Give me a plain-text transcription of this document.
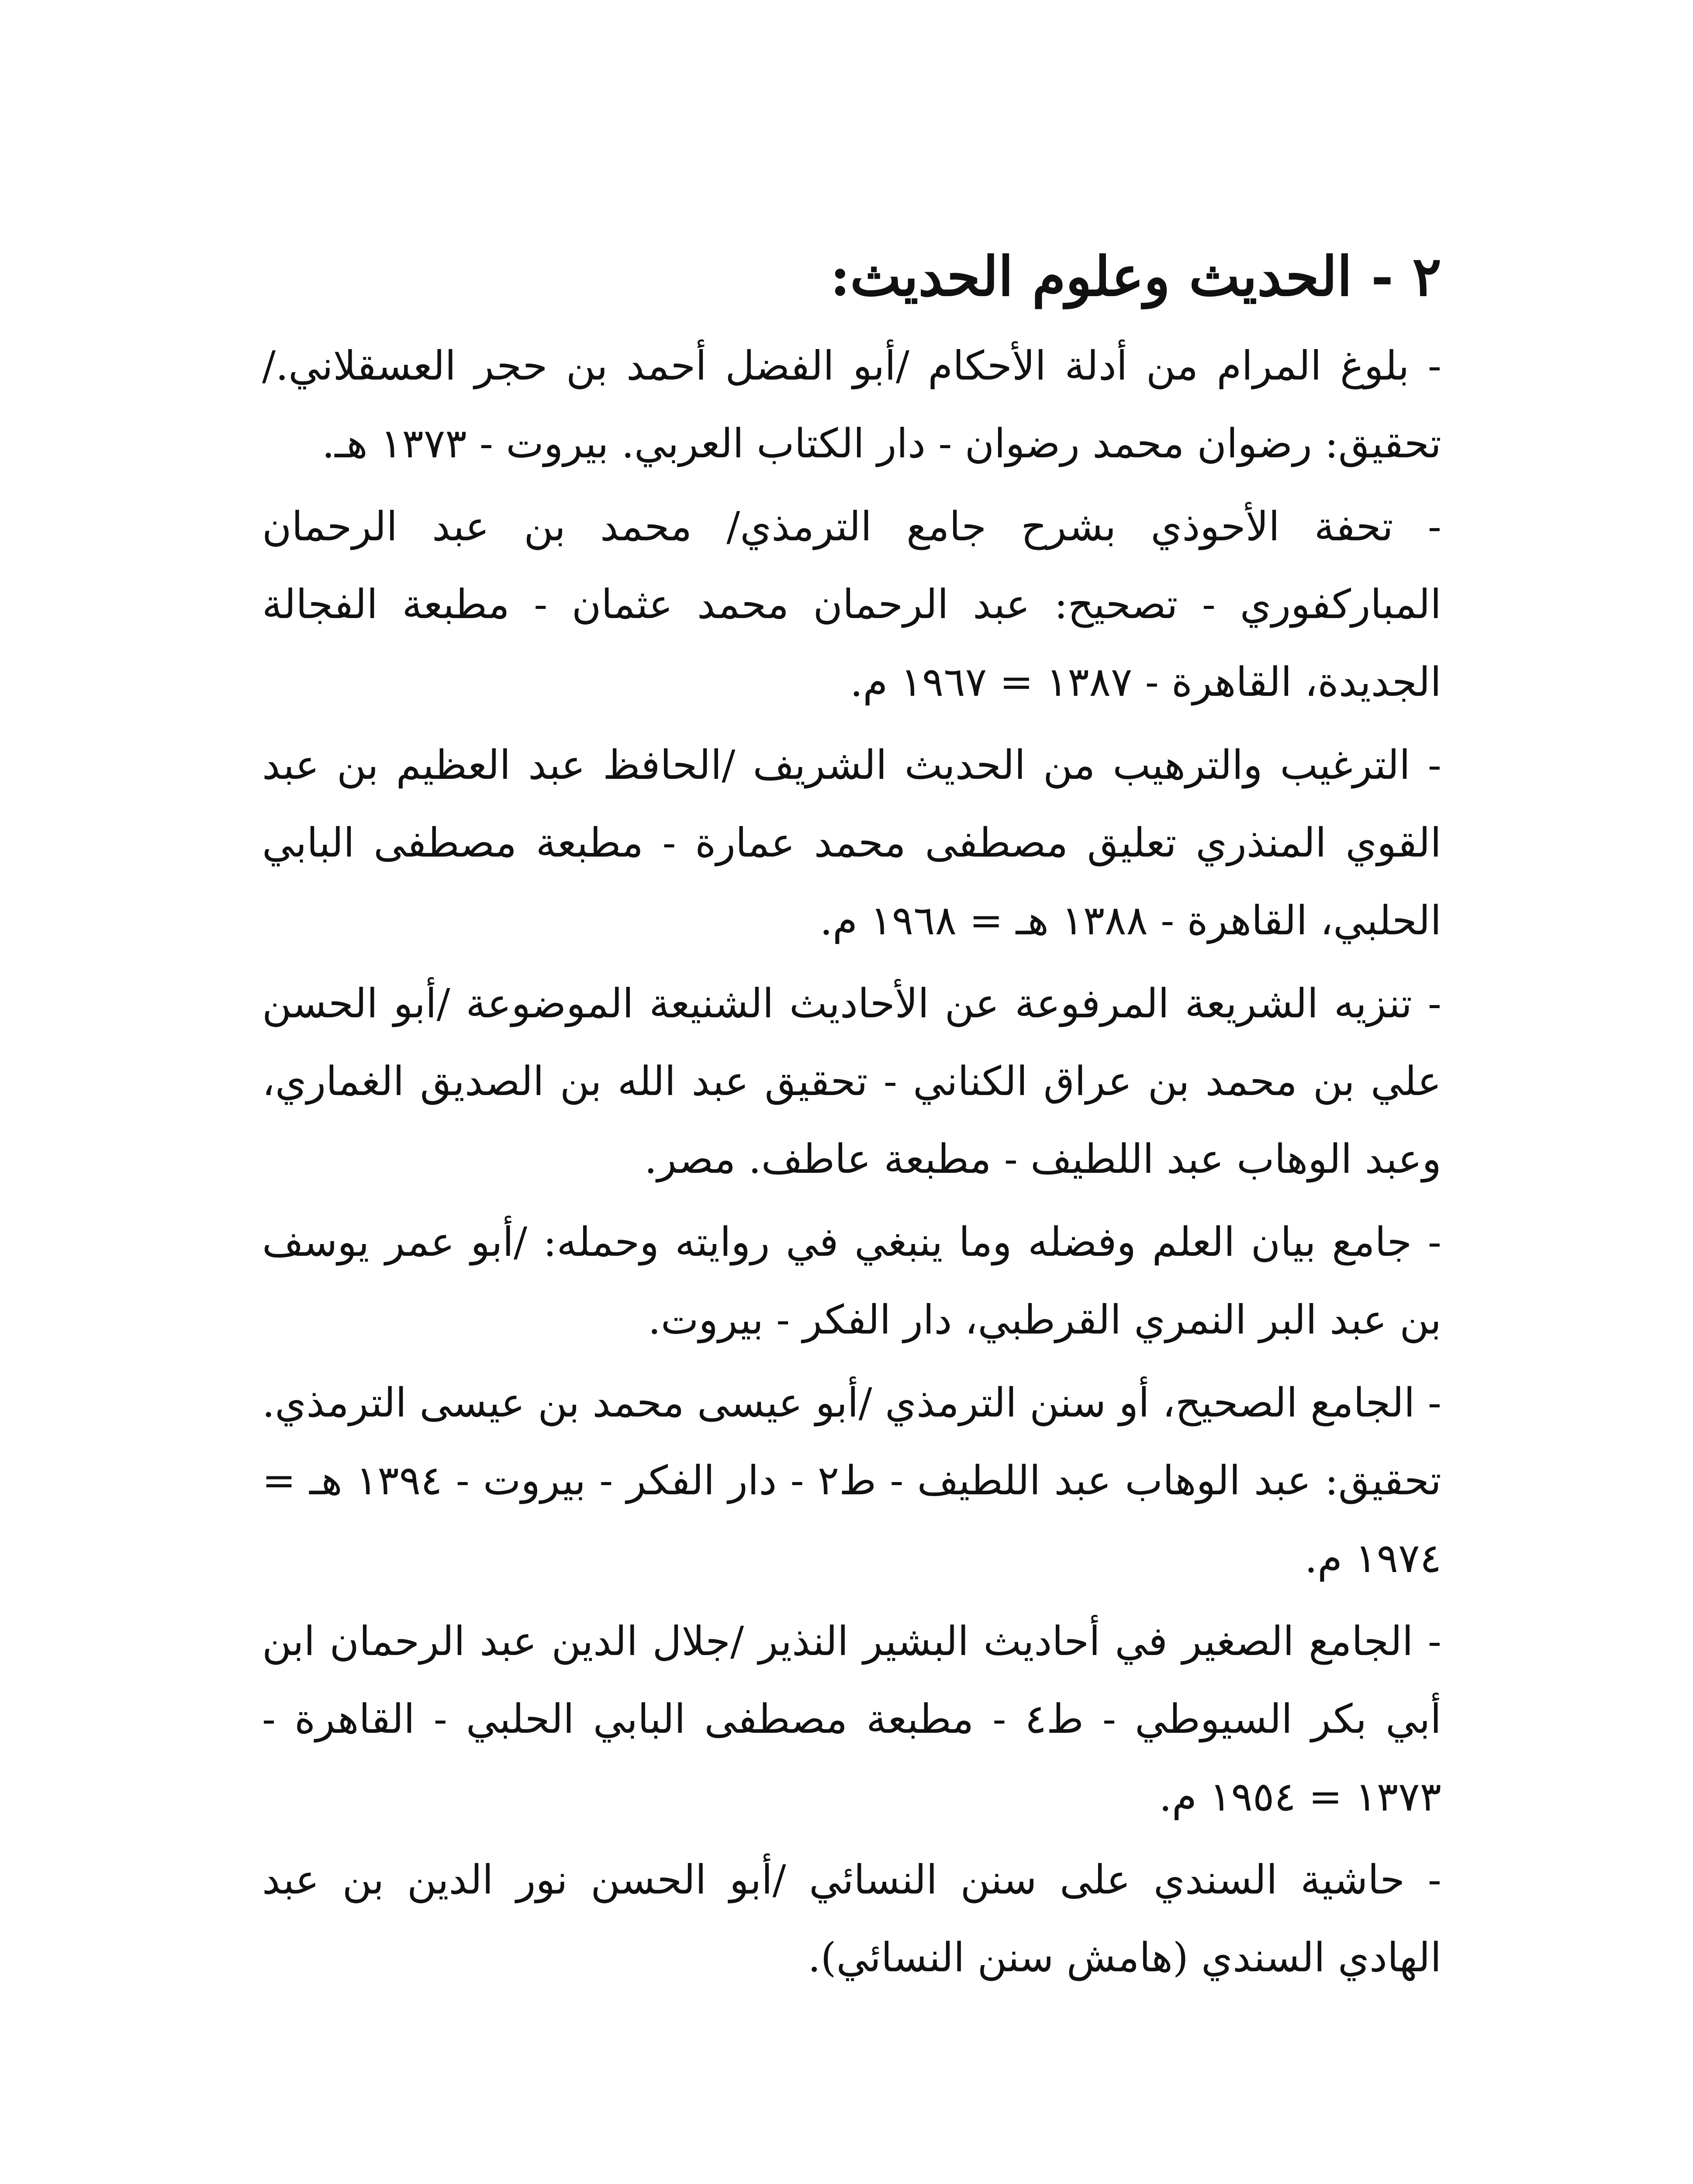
٢ - الحديث وعلوم الحديث:

- بلوغ المرام من أدلة الأحكام /أبو الفضل أحمد بن حجر العسقلاني./ تحقيق: رضوان محمد رضوان - دار الكتاب العربي. بيروت - ١٣٧٣ هـ.

- تحفة الأحوذي بشرح جامع الترمذي/ محمد بن عبد الرحمان المباركفوري - تصحيح: عبد الرحمان محمد عثمان - مطبعة الفجالة الجديدة، القاهرة - ١٣٨٧ = ١٩٦٧ م.

- الترغيب والترهيب من الحديث الشريف /الحافظ عبد العظيم بن عبد القوي المنذري تعليق مصطفى محمد عمارة - مطبعة مصطفى البابي الحلبي، القاهرة - ١٣٨٨ هـ = ١٩٦٨ م.

- تنزيه الشريعة المرفوعة عن الأحاديث الشنيعة الموضوعة /أبو الحسن علي بن محمد بن عراق الكناني - تحقيق عبد الله بن الصديق الغماري، وعبد الوهاب عبد اللطيف - مطبعة عاطف. مصر.

- جامع بيان العلم وفضله وما ينبغي في روايته وحمله: /أبو عمر يوسف بن عبد البر النمري القرطبي، دار الفكر - بيروت.

- الجامع الصحيح، أو سنن الترمذي /أبو عيسى محمد بن عيسى الترمذي. تحقيق: عبد الوهاب عبد اللطيف - ط٢ - دار الفكر - بيروت - ١٣٩٤ هـ = ١٩٧٤ م.

- الجامع الصغير في أحاديث البشير النذير /جلال الدين عبد الرحمان ابن أبي بكر السيوطي - ط٤ - مطبعة مصطفى البابي الحلبي - القاهرة - ١٣٧٣ = ١٩٥٤ م.

- حاشية السندي على سنن النسائي /أبو الحسن نور الدين بن عبد الهادي السندي (هامش سنن النسائي).
